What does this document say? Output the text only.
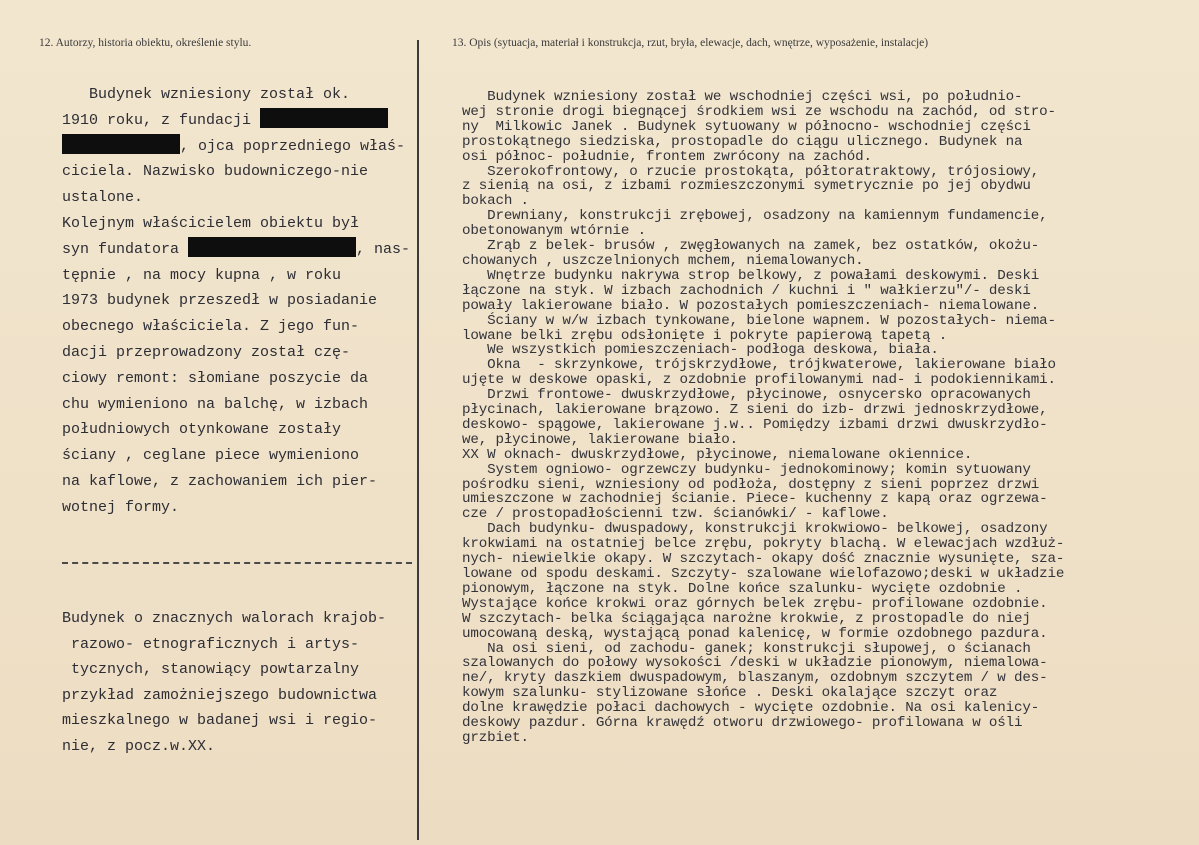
12. Autorzy, historia obiektu, określenie stylu.	13. Opis (sytuacja, materiał i konstrukcja, rzut, bryła, elewacje, dach, wnętrze, wyposażenie, instalacje)
Budynek wzniesiony został ok.
1910 roku, z fundacji
, ojca poprzedniego właś-
ciciela. Nazwisko budowniczego-nie
ustalone.
Kolejnym właścicielem obiektu był
syn fundatora	, nas-
tępnie , na mocy kupna , w roku
1973 budynek przeszedł w posiadanie
obecnego właściciela. Z jego fun-
dacji przeprowadzony został czę-
ciowy remont: słomiane poszycie da
chu wymieniono na balchę, w izbach
południowych otynkowane zostały
ściany , ceglane piece wymieniono
na kaflowe, z zachowaniem ich pier-
wotnej formy.
Budynek o znacznych walorach krajob-
razowo- etnograficznych i artys-
tycznych, stanowiący powtarzalny
przykład zamożniejszego budownictwa
mieszkalnego w badanej wsi i regio-
nie, z pocz.w.XX.
Budynek wzniesiony został we wschodniej części wsi, po południo-
wej stronie drogi biegnącej środkiem wsi ze wschodu na zachód, od stro-
ny  Milkowic Janek . Budynek sytuowany w północno- wschodniej części
prostokątnego siedziska, prostopadle do ciągu ulicznego. Budynek na
osi północ- południe, frontem zwrócony na zachód.
Szerokofrontowy, o rzucie prostokąta, półtoratraktowy, trójosiowy,
z sienią na osi, z izbami rozmieszczonymi symetrycznie po jej obydwu
bokach .
Drewniany, konstrukcji zrębowej, osadzony na kamiennym fundamencie,
obetonowanym wtórnie .
Zrąb z belek- brusów , zwęgłowanych na zamek, bez ostatków, okożu-
chowanych , uszczelnionych mchem, niemalowanych.
Wnętrze budynku nakrywa strop belkowy, z powałami deskowymi. Deski
łączone na styk. W izbach zachodnich / kuchni i " wałkierzu"/- deski
powały lakierowane biało. W pozostałych pomieszczeniach- niemalowane.
Ściany w w/w izbach tynkowane, bielone wapnem. W pozostałych- niema-
lowane belki zrębu odsłonięte i pokryte papierową tapetą .
We wszystkich pomieszczeniach- podłoga deskowa, biała.
Okna  - skrzynkowe, trójskrzydłowe, trójkwaterowe, lakierowane biało
ujęte w deskowe opaski, z ozdobnie profilowanymi nad- i podokiennikami.
Drzwi frontowe- dwuskrzydłowe, płycinowe, osnycersko opracowanych
płycinach, lakierowane brązowo. Z sieni do izb- drzwi jednoskrzydłowe,
deskowo- spągowe, lakierowane j.w.. Pomiędzy izbami drzwi dwuskrzydło-
we, płycinowe, lakierowane biało.
XX W oknach- dwuskrzydłowe, płycinowe, niemalowane okiennice.
System ogniowo- ogrzewczy budynku- jednokominowy; komin sytuowany
pośrodku sieni, wzniesiony od podłoża, dostępny z sieni poprzez drzwi
umieszczone w zachodniej ścianie. Piece- kuchenny z kapą oraz ogrzewa-
cze / prostopadłościenni tzw. ścianówki/ - kaflowe.
Dach budynku- dwuspadowy, konstrukcji krokwiowo- belkowej, osadzony
krokwiami na ostatniej belce zrębu, pokryty blachą. W elewacjach wzdłuż-
nych- niewielkie okapy. W szczytach- okapy dość znacznie wysunięte, sza-
lowane od spodu deskami. Szczyty- szalowane wielofazowo;deski w układzie
pionowym, łączone na styk. Dolne końce szalunku- wycięte ozdobnie .
Wystające końce krokwi oraz górnych belek zrębu- profilowane ozdobnie.
W szczytach- belka ściągająca narożne krokwie, z prostopadle do niej
umocowaną deską, wystającą ponad kalenicę, w formie ozdobnego pazdura.
Na osi sieni, od zachodu- ganek; konstrukcji słupowej, o ścianach
szalowanych do połowy wysokości /deski w układzie pionowym, niemalowa-
ne/, kryty daszkiem dwuspadowym, blaszanym, ozdobnym szczytem / w des-
kowym szalunku- stylizowane słońce . Deski okalające szczyt oraz
dolne krawędzie połaci dachowych - wycięte ozdobnie. Na osi kalenicy-
deskowy pazdur. Górna krawędź otworu drzwiowego- profilowana w ośli
grzbiet.
